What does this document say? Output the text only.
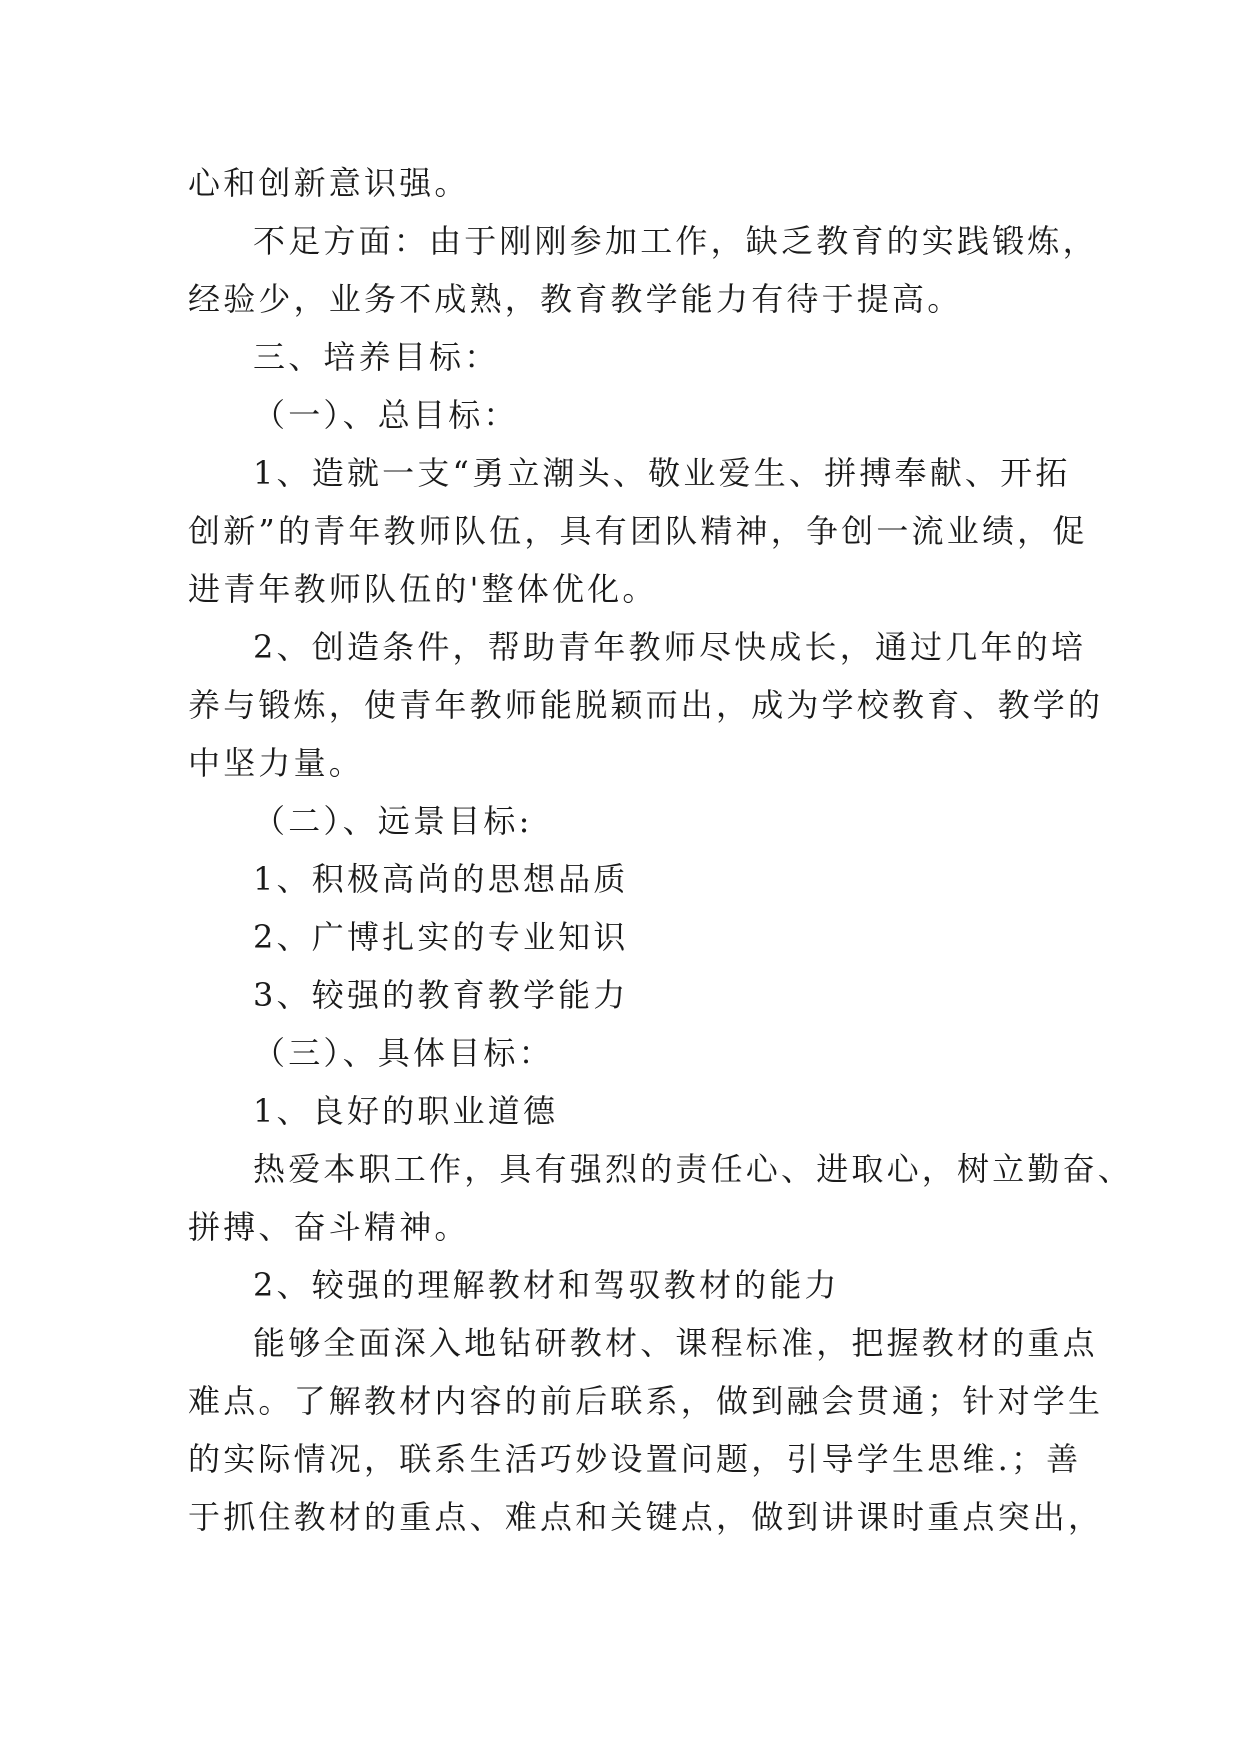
心和创新意识强。
不足方面：由于刚刚参加工作，缺乏教育的实践锻炼，
经验少，业务不成熟，教育教学能力有待于提高。
三、培养目标：
（一）、总目标：
1、造就一支“勇立潮头、敬业爱生、拼搏奉献、开拓
创新”的青年教师队伍，具有团队精神，争创一流业绩，促
进青年教师队伍的'整体优化。
2、创造条件，帮助青年教师尽快成长，通过几年的培
养与锻炼，使青年教师能脱颖而出，成为学校教育、教学的
中坚力量。
（二）、远景目标:
1、积极高尚的思想品质
2、广博扎实的专业知识
3、较强的教育教学能力
（三）、具体目标：
1、良好的职业道德
热爱本职工作，具有强烈的责任心、进取心，树立勤奋、
拼搏、奋斗精神。
2、较强的理解教材和驾驭教材的能力
能够全面深入地钻研教材、课程标准，把握教材的重点
难点。了解教材内容的前后联系，做到融会贯通；针对学生
的实际情况，联系生活巧妙设置问题，引导学生思维.；善
于抓住教材的重点、难点和关键点，做到讲课时重点突出，
